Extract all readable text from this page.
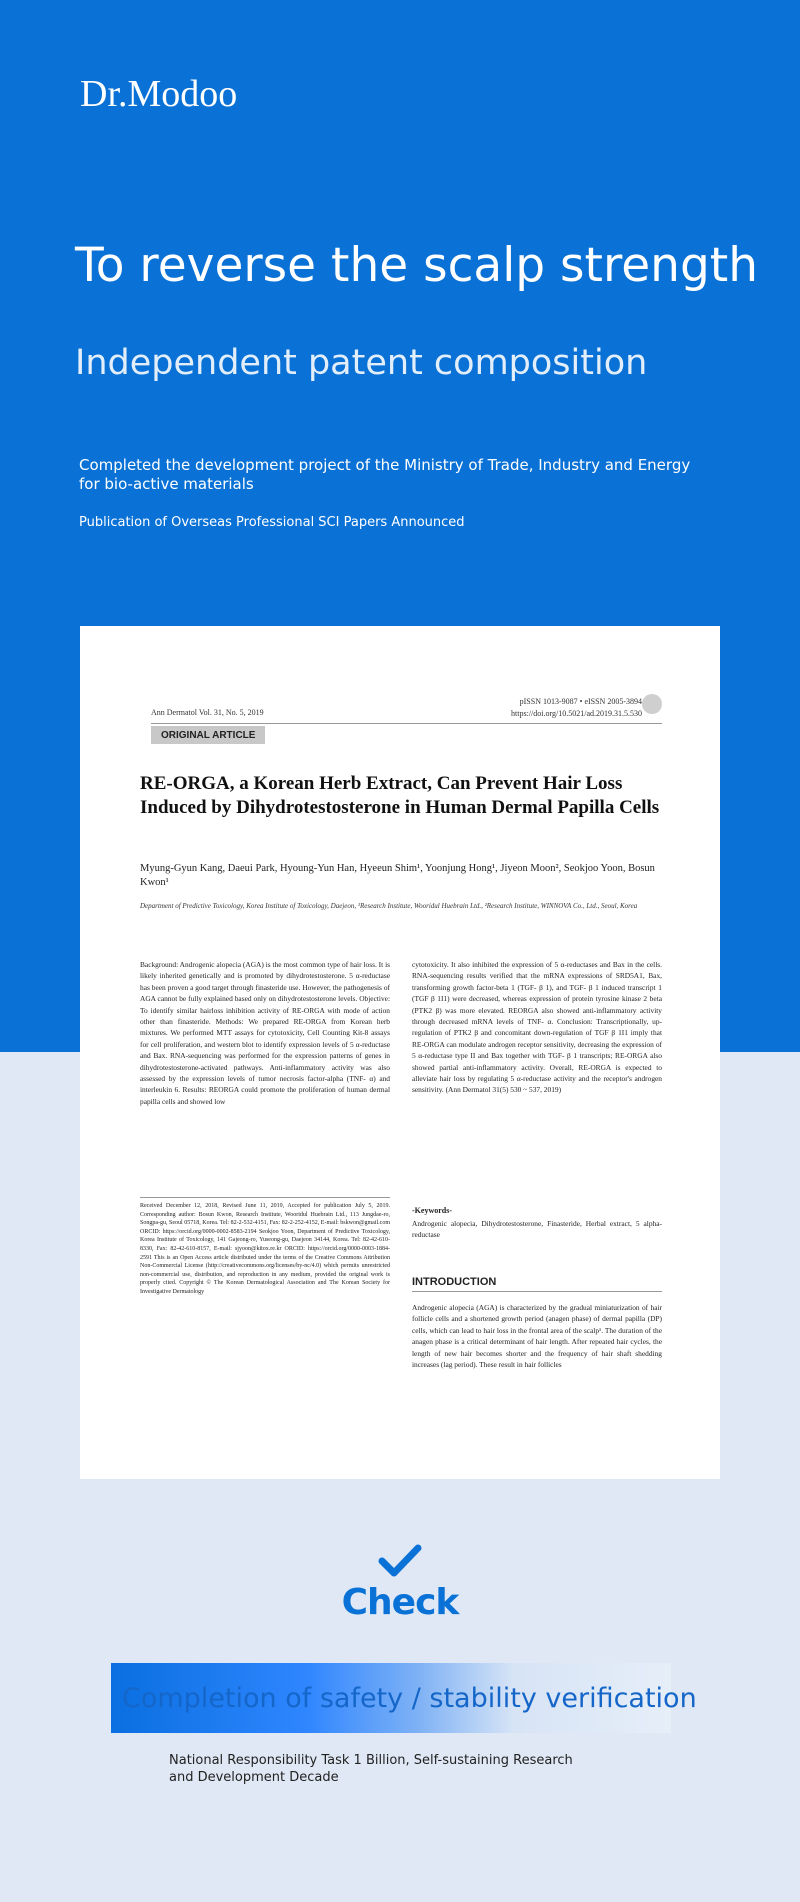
Dr.Modoo
To reverse the scalp strength
Independent patent composition
Completed the development project of the Ministry of Trade, Industry and Energy for bio-active materials
Publication of Overseas Professional SCI Papers Announced
Ann Dermatol Vol. 31, No. 5, 2019
pISSN 1013-9087 • eISSN 2005-3894
https://doi.org/10.5021/ad.2019.31.5.530
ORIGINAL ARTICLE
RE-ORGA, a Korean Herb Extract, Can Prevent Hair Loss Induced by Dihydrotestosterone in Human Dermal Papilla Cells
Myung-Gyun Kang, Daeui Park, Hyoung-Yun Han, Hyeeun Shim¹, Yoonjung Hong¹, Jiyeon Moon², Seokjoo Yoon, Bosun Kwon¹
Department of Predictive Toxicology, Korea Institute of Toxicology, Daejeon, ¹Research Institute, Wooridul Huebrain Ltd., ²Research Institute, WINNOVA Co., Ltd., Seoul, Korea
Background: Androgenic alopecia (AGA) is the most common type of hair loss. It is likely inherited genetically and is promoted by dihydrotestosterone. 5 α-reductase has been proven a good target through finasteride use. However, the pathogenesis of AGA cannot be fully explained based only on dihydrotestosterone levels. Objective: To identify similar hairloss inhibition activity of RE-ORGA with mode of action other than finasteride. Methods: We prepared RE-ORGA from Korean herb mixtures. We performed MTT assays for cytotoxicity, Cell Counting Kit-8 assays for cell proliferation, and western blot to identify expression levels of 5 α-reductase and Bax. RNA-sequencing was performed for the expression patterns of genes in dihydrotestosterone-activated pathways. Anti-inflammatory activity was also assessed by the expression levels of tumor necrosis factor-alpha (TNF- α) and interleukin 6. Results: REORGA could promote the proliferation of human dermal papilla cells and showed low
cytotoxicity. It also inhibited the expression of 5 α-reductases and Bax in the cells. RNA-sequencing results verified that the mRNA expressions of SRD5A1, Bax, transforming growth factor-beta 1 (TGF- β 1), and TGF- β 1 induced transcript 1 (TGF β 1I1) were decreased, whereas expression of protein tyrosine kinase 2 beta (PTK2 β) was more elevated. REORGA also showed anti-inflammatory activity through decreased mRNA levels of TNF- α. Conclusion: Transcriptionally, up-regulation of PTK2 β and concomitant down-regulation of TGF β 1I1 imply that RE-ORGA can modulate androgen receptor sensitivity, decreasing the expression of 5 α-reductase type II and Bax together with TGF- β 1 transcripts; RE-ORGA also showed partial anti-inflammatory activity. Overall, RE-ORGA is expected to alleviate hair loss by regulating 5 α-reductase activity and the receptor's androgen sensitivity. (Ann Dermatol 31(5) 530 ~ 537, 2019)
Received December 12, 2018, Revised June 11, 2019, Accepted for publication July 5, 2019. Corresponding author: Bosun Kwon, Research Institute, Wooridul Huebrain Ltd., 113 Jungdae-ro, Songpa-gu, Seoul 05718, Korea. Tel: 82-2-532-4151, Fax: 82-2-252-4152, E-mail: bskwon@gmail.com ORCID: https://orcid.org/0000-0002-8583-2194 Seokjoo Yoon, Department of Predictive Toxicology, Korea Institute of Toxicology, 141 Gajeong-ro, Yuseong-gu, Daejeon 34144, Korea. Tel: 82-42-610-8330, Fax: 82-42-610-8157, E-mail: sjyoon@kitox.re.kr ORCID: https://orcid.org/0000-0003-1884-2591 This is an Open Access article distributed under the terms of the Creative Commons Attribution Non-Commercial License (http://creativecommons.org/licenses/by-nc/4.0) which permits unrestricted non-commercial use, distribution, and reproduction in any medium, provided the original work is properly cited. Copyright © The Korean Dermatological Association and The Korean Society for Investigative Dermatology
-Keywords-
Androgenic alopecia, Dihydrotestosterone, Finasteride, Herbal extract, 5 alpha-reductase
INTRODUCTION
Androgenic alopecia (AGA) is characterized by the gradual miniaturization of hair follicle cells and a shortened growth period (anagen phase) of dermal papilla (DP) cells, which can lead to hair loss in the frontal area of the scalp¹. The duration of the anagen phase is a critical determinant of hair length. After repeated hair cycles, the length of new hair becomes shorter and the frequency of hair shaft shedding increases (lag period). These result in hair follicles
Check
Completion of safety / stability verification
National Responsibility Task 1 Billion, Self-sustaining Research and Development Decade
